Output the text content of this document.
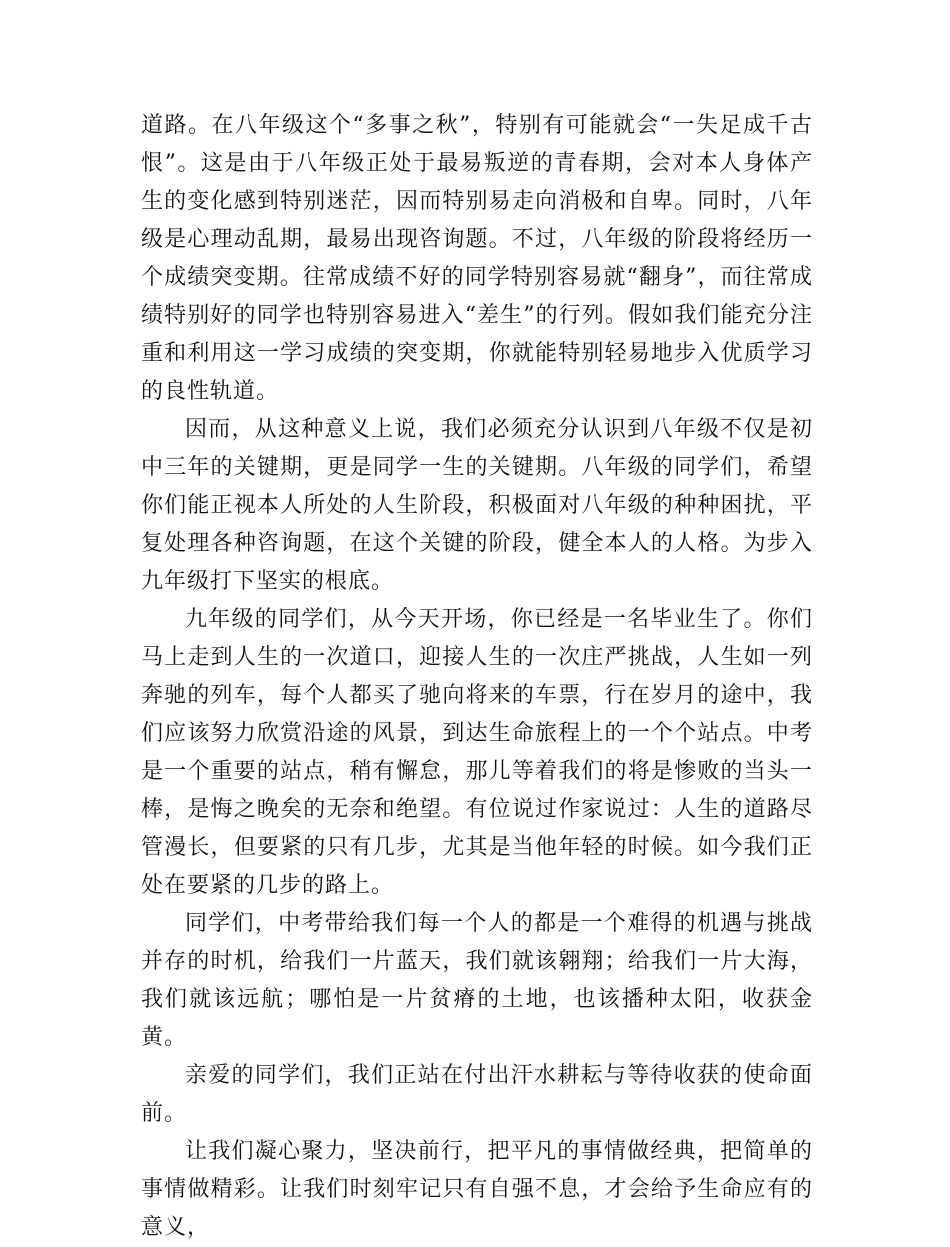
道路。在八年级这个“多事之秋”，特别有可能就会“一失足成千古恨”。这是由于八年级正处于最易叛逆的青春期，会对本人身体产生的变化感到特别迷茫，因而特别易走向消极和自卑。同时，八年级是心理动乱期，最易出现咨询题。不过，八年级的阶段将经历一个成绩突变期。往常成绩不好的同学特别容易就“翻身”，而往常成绩特别好的同学也特别容易进入“差生”的行列。假如我们能充分注重和利用这一学习成绩的突变期，你就能特别轻易地步入优质学习的良性轨道。

因而，从这种意义上说，我们必须充分认识到八年级不仅是初中三年的关键期，更是同学一生的关键期。八年级的同学们，希望你们能正视本人所处的人生阶段，积极面对八年级的种种困扰，平复处理各种咨询题，在这个关键的阶段，健全本人的人格。为步入九年级打下坚实的根底。

九年级的同学们，从今天开场，你已经是一名毕业生了。你们马上走到人生的一次道口，迎接人生的一次庄严挑战，人生如一列奔驰的列车，每个人都买了驰向将来的车票，行在岁月的途中，我们应该努力欣赏沿途的风景，到达生命旅程上的一个个站点。中考是一个重要的站点，稍有懈怠，那儿等着我们的将是惨败的当头一棒，是悔之晚矣的无奈和绝望。有位说过作家说过：人生的道路尽管漫长，但要紧的只有几步，尤其是当他年轻的时候。如今我们正处在要紧的几步的路上。

同学们，中考带给我们每一个人的都是一个难得的机遇与挑战并存的时机，给我们一片蓝天，我们就该翱翔；给我们一片大海，我们就该远航；哪怕是一片贫瘠的土地，也该播种太阳，收获金黄。

亲爱的同学们，我们正站在付出汗水耕耘与等待收获的使命面前。

让我们凝心聚力，坚决前行，把平凡的事情做经典，把简单的事情做精彩。让我们时刻牢记只有自强不息，才会给予生命应有的意义，
